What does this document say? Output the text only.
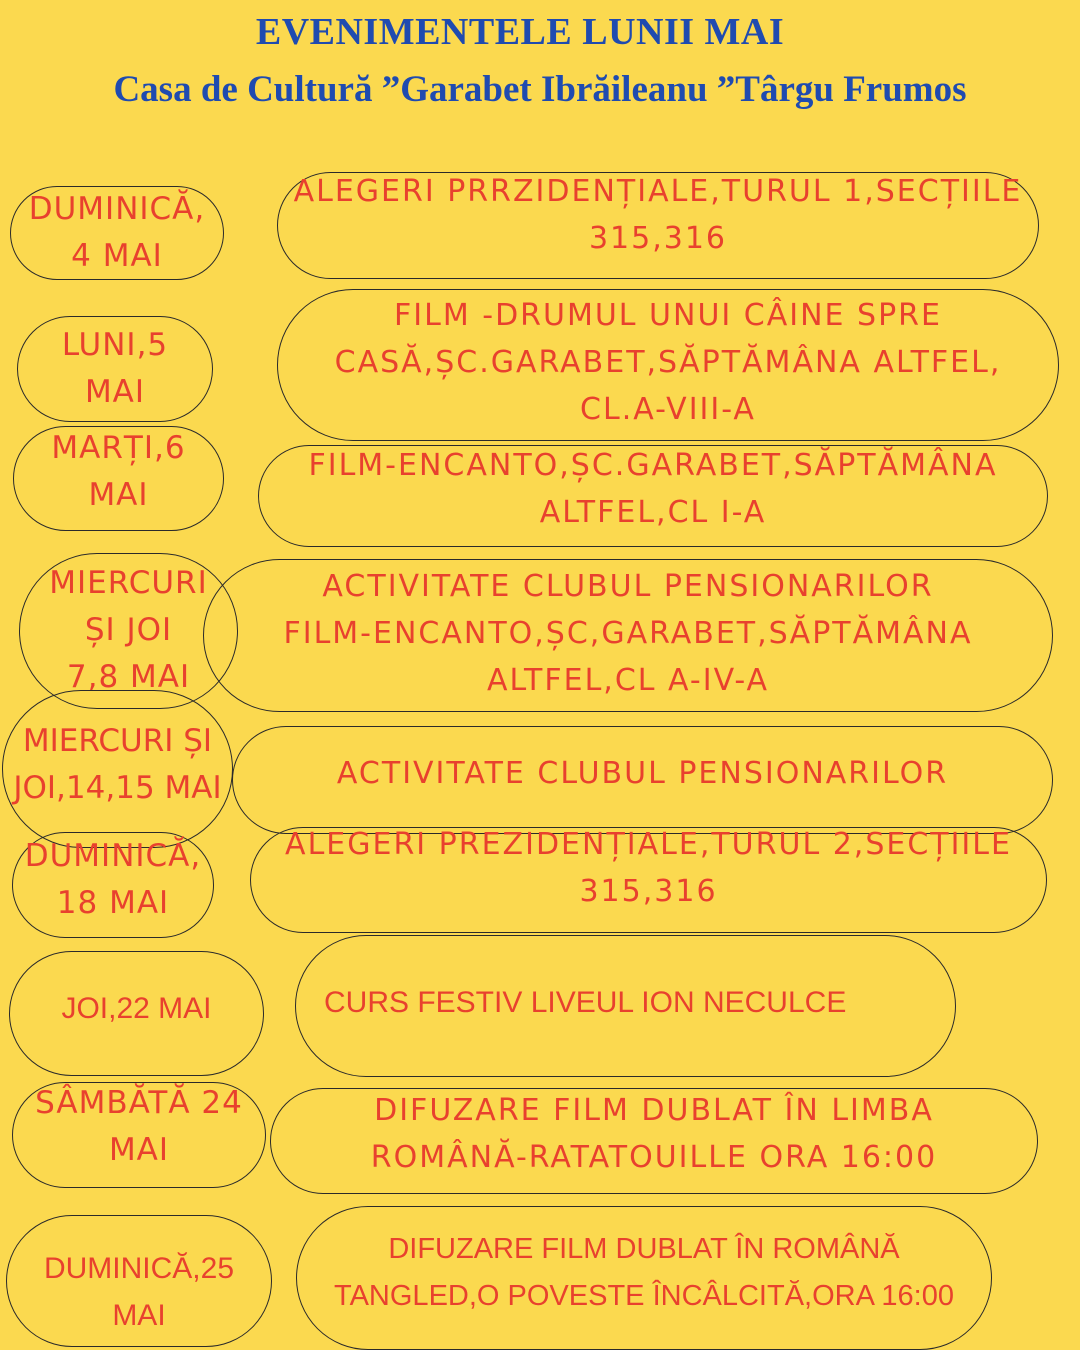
EVENIMENTELE LUNII MAI
Casa de Cultură ”Garabet Ibrăileanu ”Târgu Frumos
DUMINICĂ,
4 MAI
ALEGERI PRRZIDENȚIALE,TURUL 1,SECȚIILE
315,316
LUNI,5
MAI
FILM -DRUMUL UNUI CÂINE SPRE
CASĂ,ȘC.GARABET,SĂPTĂMÂNA ALTFEL,
CL.A-VIII-A
MARȚI,6
MAI
FILM-ENCANTO,ȘC.GARABET,SĂPTĂMÂNA
ALTFEL,CL I-A
MIERCURI
ȘI JOI
7,8 MAI
ACTIVITATE CLUBUL PENSIONARILOR
FILM-ENCANTO,ȘC,GARABET,SĂPTĂMÂNA
ALTFEL,CL A-IV-A
MIERCURI ȘI
JOI,14,15 MAI	ACTIVITATE CLUBUL PENSIONARILOR
DUMINICĂ,
18 MAI
ALEGERI PREZIDENȚIALE,TURUL 2,SECȚIILE
315,316
JOI,22 MAI	CURS FESTIV LIVEUL ION NECULCE
SÂMBĂTĂ 24
MAI
DIFUZARE FILM DUBLAT ÎN LIMBA
ROMÂNĂ-RATATOUILLE ORA 16:00
DUMINICĂ,25
MAI
DIFUZARE FILM DUBLAT ÎN ROMÂNĂ
TANGLED,O POVESTE ÎNCÂLCITĂ,ORA 16:00
